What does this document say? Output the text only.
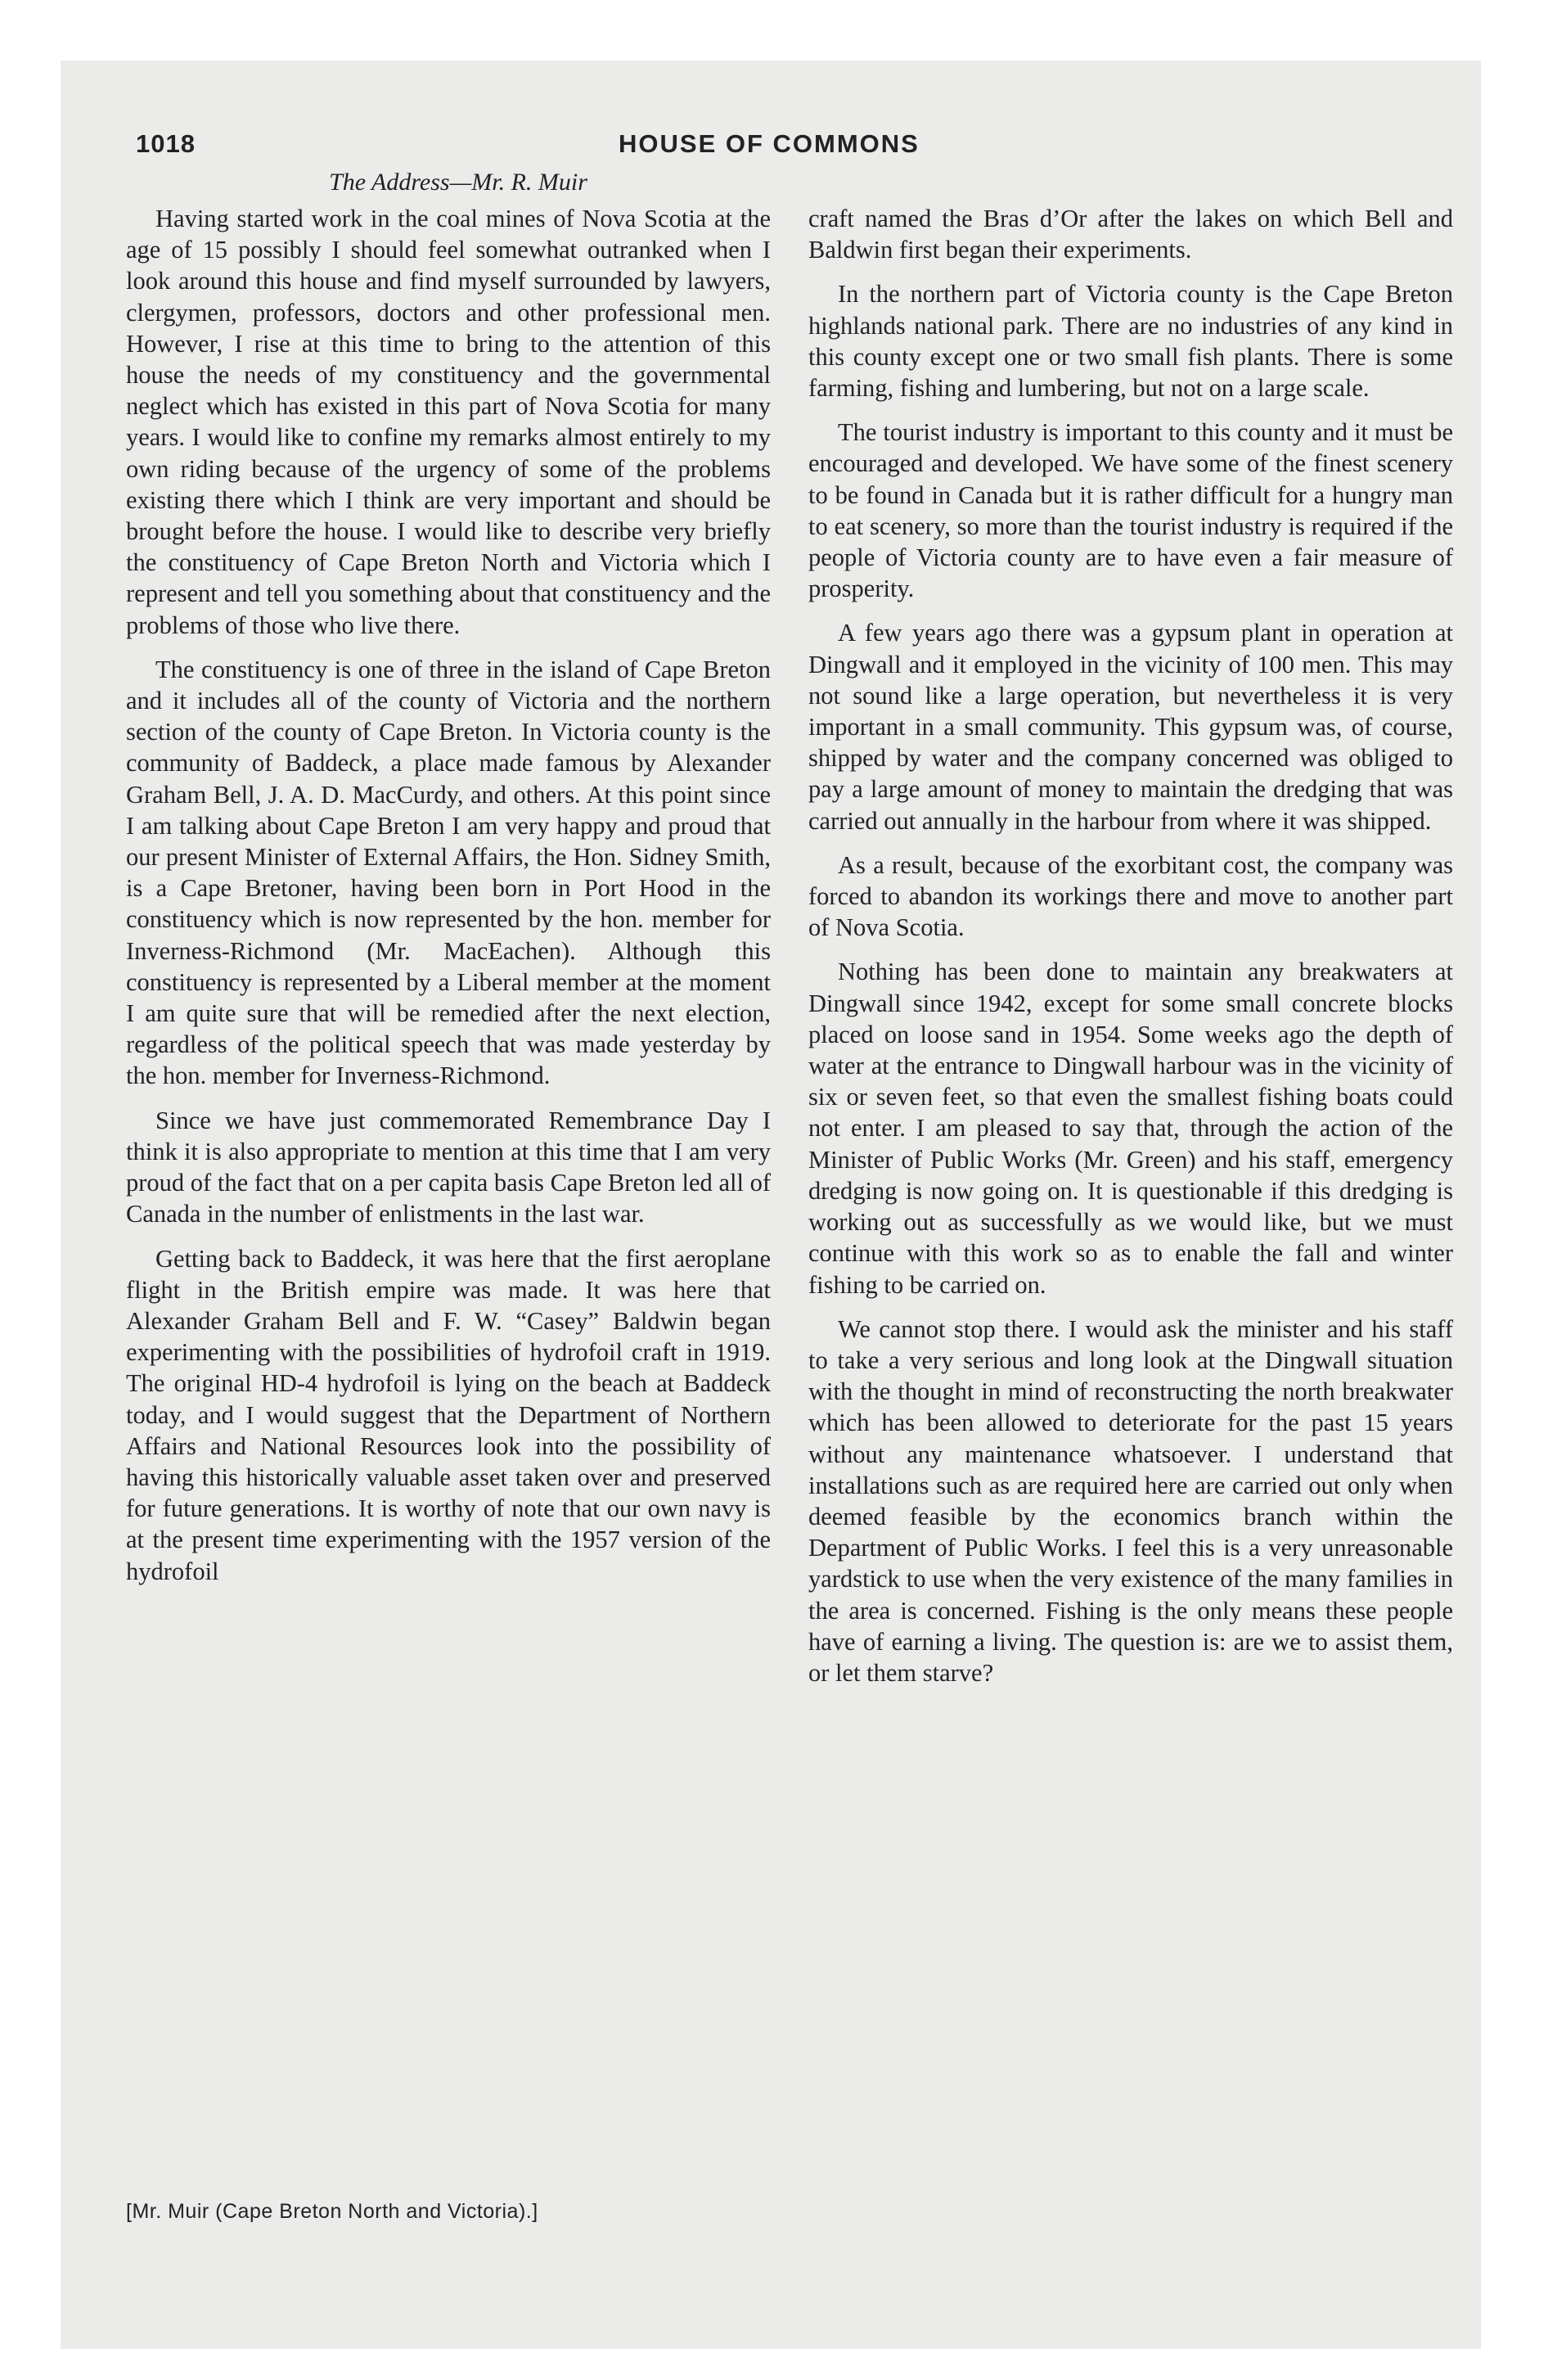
1018	HOUSE OF COMMONS
The Address—Mr. R. Muir

Having started work in the coal mines of Nova Scotia at the age of 15 possibly I should feel somewhat outranked when I look around this house and find myself surrounded by lawyers, clergymen, professors, doctors and other professional men. However, I rise at this time to bring to the attention of this house the needs of my constituency and the governmental neglect which has existed in this part of Nova Scotia for many years. I would like to confine my remarks almost entirely to my own riding because of the urgency of some of the problems existing there which I think are very important and should be brought before the house. I would like to describe very briefly the constituency of Cape Breton North and Victoria which I represent and tell you something about that constituency and the problems of those who live there.

The constituency is one of three in the island of Cape Breton and it includes all of the county of Victoria and the northern section of the county of Cape Breton. In Victoria county is the community of Baddeck, a place made famous by Alexander Graham Bell, J. A. D. MacCurdy, and others. At this point since I am talking about Cape Breton I am very happy and proud that our present Minister of External Affairs, the Hon. Sidney Smith, is a Cape Bretoner, having been born in Port Hood in the constituency which is now represented by the hon. member for Inverness-Richmond (Mr. MacEachen). Although this constituency is represented by a Liberal member at the moment I am quite sure that will be remedied after the next election, regardless of the political speech that was made yesterday by the hon. member for Inverness-Richmond.

Since we have just commemorated Remembrance Day I think it is also appropriate to mention at this time that I am very proud of the fact that on a per capita basis Cape Breton led all of Canada in the number of enlistments in the last war.

Getting back to Baddeck, it was here that the first aeroplane flight in the British empire was made. It was here that Alexander Graham Bell and F. W. “Casey” Baldwin began experimenting with the possibilities of hydrofoil craft in 1919. The original HD-4 hydrofoil is lying on the beach at Baddeck today, and I would suggest that the Department of Northern Affairs and National Resources look into the possibility of having this historically valuable asset taken over and preserved for future generations. It is worthy of note that our own navy is at the present time experimenting with the 1957 version of the hydrofoil

craft named the Bras d’Or after the lakes on which Bell and Baldwin first began their experiments.

In the northern part of Victoria county is the Cape Breton highlands national park. There are no industries of any kind in this county except one or two small fish plants. There is some farming, fishing and lumbering, but not on a large scale.

The tourist industry is important to this county and it must be encouraged and developed. We have some of the finest scenery to be found in Canada but it is rather difficult for a hungry man to eat scenery, so more than the tourist industry is required if the people of Victoria county are to have even a fair measure of prosperity.

A few years ago there was a gypsum plant in operation at Dingwall and it employed in the vicinity of 100 men. This may not sound like a large operation, but nevertheless it is very important in a small community. This gypsum was, of course, shipped by water and the company concerned was obliged to pay a large amount of money to maintain the dredging that was carried out annually in the harbour from where it was shipped.

As a result, because of the exorbitant cost, the company was forced to abandon its workings there and move to another part of Nova Scotia.

Nothing has been done to maintain any breakwaters at Dingwall since 1942, except for some small concrete blocks placed on loose sand in 1954. Some weeks ago the depth of water at the entrance to Dingwall harbour was in the vicinity of six or seven feet, so that even the smallest fishing boats could not enter. I am pleased to say that, through the action of the Minister of Public Works (Mr. Green) and his staff, emergency dredging is now going on. It is questionable if this dredging is working out as successfully as we would like, but we must continue with this work so as to enable the fall and winter fishing to be carried on.

We cannot stop there. I would ask the minister and his staff to take a very serious and long look at the Dingwall situation with the thought in mind of reconstructing the north breakwater which has been allowed to deteriorate for the past 15 years without any maintenance whatsoever. I understand that installations such as are required here are carried out only when deemed feasible by the economics branch within the Department of Public Works. I feel this is a very unreasonable yardstick to use when the very existence of the many families in the area is concerned. Fishing is the only means these people have of earning a living. The question is: are we to assist them, or let them starve?

[Mr. Muir (Cape Breton North and Victoria).]
